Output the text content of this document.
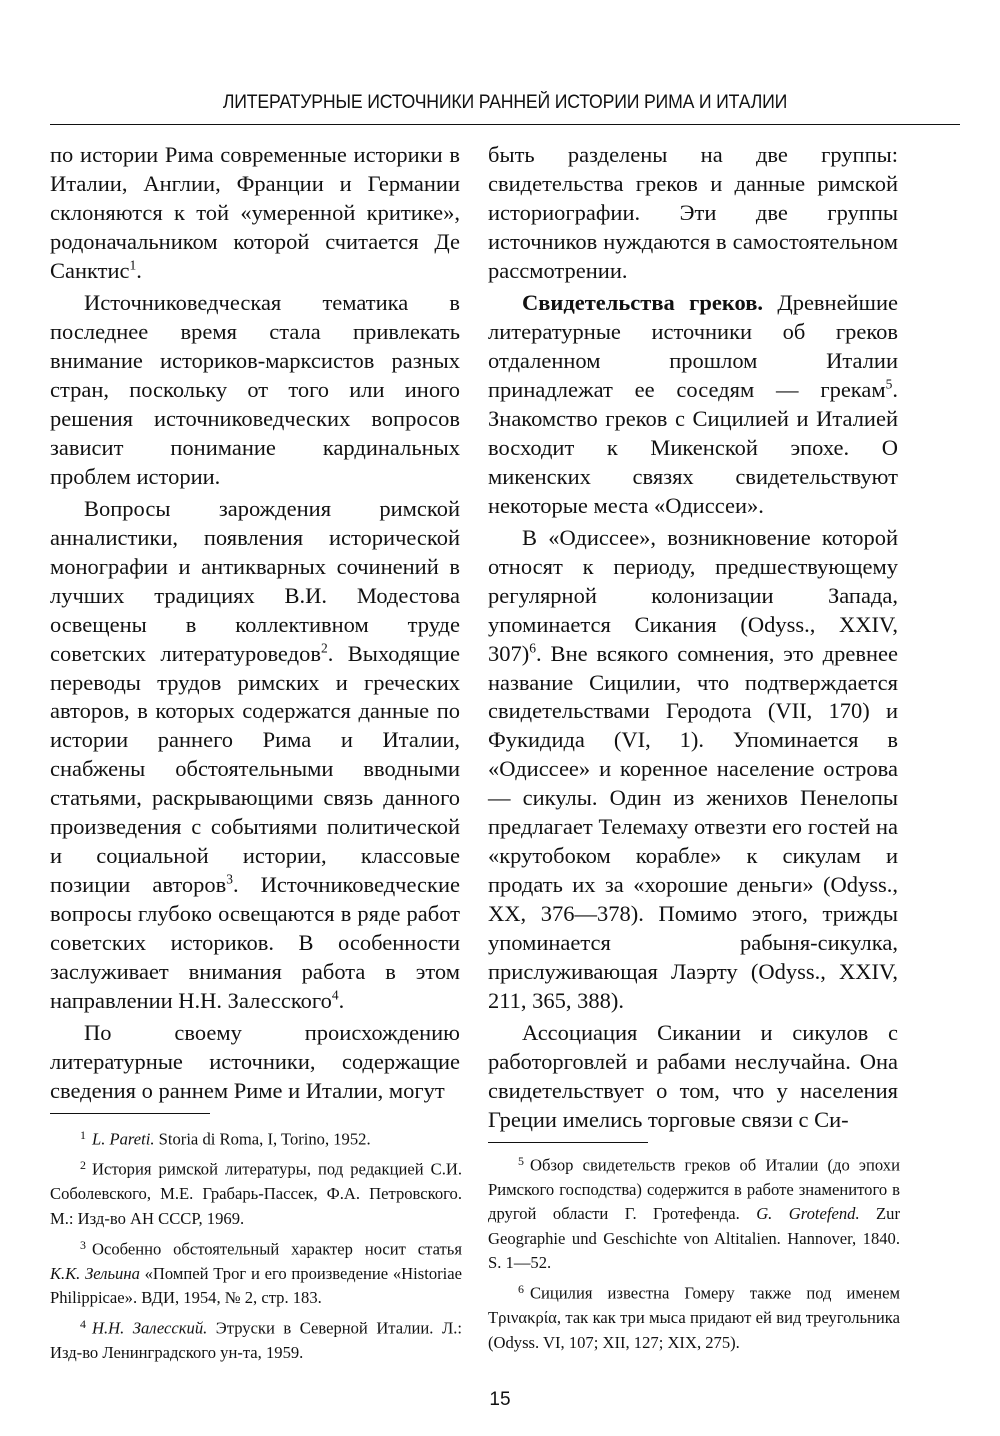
ЛИТЕРАТУРНЫЕ ИСТОЧНИКИ РАННЕЙ ИСТОРИИ РИМА И ИТАЛИИ

по истории Рима современные историки в Италии, Англии, Франции и Германии склоняются к той «умеренной критике», родоначальником которой считается Де Санктис$^1$.

Источниковедческая тематика в последнее время стала привлекать внимание историков-марксистов разных стран, поскольку от того или иного решения источниковедческих вопросов зависит понимание кардинальных проблем истории.

Вопросы зарождения римской анналистики, появления исторической монографии и антикварных сочинений в лучших традициях В.И. Модестова освещены в коллективном труде советских литературоведов$^2$. Выходящие переводы трудов римских и греческих авторов, в которых содержатся данные по истории раннего Рима и Италии, снабжены обстоятельными вводными статьями, раскрывающими связь данного произведения с событиями политической и социальной истории, классовые позиции авторов$^3$. Источниковедческие вопросы глубоко освещаются в ряде работ советских историков. В особенности заслуживает внимания работа в этом направлении Н.Н. Залесского$^4$.

По своему происхождению литературные источники, содержащие сведения о раннем Риме и Италии, могут

быть разделены на две группы: свидетельства греков и данные римской историографии. Эти две группы источников нуждаются в самостоятельном рассмотрении.

Свидетельства греков. Древнейшие литературные источники об греков отдаленном прошлом Италии принадлежат ее соседям — грекам$^5$. Знакомство греков с Сицилией и Италией восходит к Микенской эпохе. О микенских связях свидетельствуют некоторые места «Одиссеи».

В «Одиссее», возникновение которой относят к периоду, предшествующему регулярной колонизации Запада, упоминается Сикания (Odyss., XXIV, 307)$^6$. Вне всякого сомнения, это древнее название Сицилии, что подтверждается свидетельствами Геродота (VII, 170) и Фукидида (VI, 1). Упоминается в «Одиссее» и коренное население острова — сикулы. Один из женихов Пенелопы предлагает Телемаху отвезти его гостей на «крутобоком корабле» к сикулам и продать их за «хорошие деньги» (Odyss., XX, 376—378). Помимо этого, трижды упоминается рабыня-сикулка, прислуживающая Лаэрту (Odyss., XXIV, 211, 365, 388).

Ассоциация Сикании и сикулов с работорговлей и рабами неслучайна. Она свидетельствует о том, что у населения Греции имелись торговые связи с Си-

$^1$ L. Pareti. Storia di Roma, I, Torino, 1952.

$^2$ История римской литературы, под редакцией С.И. Соболевского, М.Е. Грабарь-Пассек, Ф.А. Петровского. М.: Изд-во АН СССР, 1969.

$^3$ Особенно обстоятельный характер носит статья К.К. Зельина «Помпей Трог и его произведение «Historiae Philippicae». ВДИ, 1954, № 2, стр. 183.

$^4$ Н.Н. Залесский. Этруски в Северной Италии. Л.: Изд-во Ленинградского ун-та, 1959.

$^5$ Обзор свидетельств греков об Италии (до эпохи Римского господства) содержится в работе знаменитого в другой области Г. Гротефенда. G. Grotefend. Zur Geographie und Geschichte von Altitalien. Hannover, 1840. S. 1—52.

$^6$ Сицилия известна Гомеру также под именем Τρινακρία, так как три мыса придают ей вид треугольника (Odyss. VI, 107; XII, 127; XIX, 275).

15
